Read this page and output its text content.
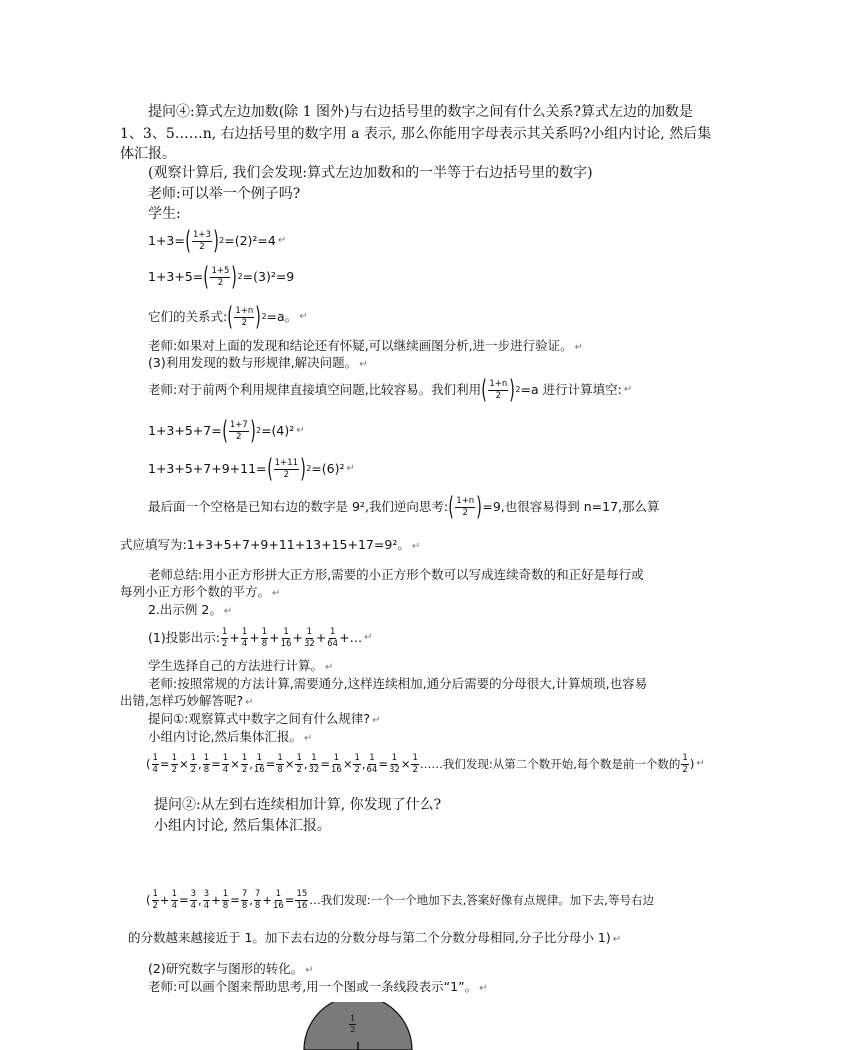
提问④:算式左边加数(除 1 图外)与右边括号里的数字之间有什么关系?算式左边的加数是
1、3、5……n, 右边括号里的数字用 a 表示, 那么你能用字母表示其关系吗?小组内讨论, 然后集
体汇报。
(观察计算后, 我们会发现:算式左边加数和的一半等于右边括号里的数字)
老师:可以举一个例子吗?
学生:
1+3= ( $\frac{1+3}{2}$ ) 2 =(2)²=4 ↵
1+3+5= ( $\frac{1+5}{2}$ ) 2 =(3)²=9
它们的关系式: ( $\frac{1+n}{2}$ ) 2 =a。 ↵
老师:如果对上面的发现和结论还有怀疑,可以继续画图分析,进一步进行验证。 ↵
(3)利用发现的数与形规律,解决问题。 ↵
老师:对于前两个利用规律直接填空问题,比较容易。我们利用 ( $\frac{1+n}{2}$ ) 2 =a 进行计算填空: ↵
1+3+5+7= ( $\frac{1+7}{2}$ ) 2 =(4)² ↵
1+3+5+7+9+11= ( $\frac{1+11}{2}$ ) 2 =(6)² ↵
最后面一个空格是已知右边的数字是 9²,我们逆向思考: ( $\frac{1+n}{2}$ ) =9,也很容易得到 n=17,那么算
式应填写为:1+3+5+7+9+11+13+15+17=9²。 ↵
老师总结:用小正方形拼大正方形,需要的小正方形个数可以写成连续奇数的和正好是每行或
每列小正方形个数的平方。 ↵
2.出示例 2。 ↵
(1)投影出示: $\frac{1}{2} + \frac{1}{4} + \frac{1}{8} + \frac{1}{16} + \frac{1}{32} + \frac{1}{64}$ +… ↵
学生选择自己的方法进行计算。 ↵
老师:按照常规的方法计算,需要通分,这样连续相加,通分后需要的分母很大,计算烦琐,也容易
出错,怎样巧妙解答呢? ↵
提问①:观察算式中数字之间有什么规律? ↵
小组内讨论,然后集体汇报。 ↵
( $\frac{1}{4} = \frac{1}{2} \times \frac{1}{2}$ , $\frac{1}{8} = \frac{1}{4} \times \frac{1}{2}$ , $\frac{1}{16} = \frac{1}{8} \times \frac{1}{2}$ , $\frac{1}{32} = \frac{1}{16} \times \frac{1}{2}$ , $\frac{1}{64} = \frac{1}{32} \times \frac{1}{2}$ ……我们发现:从第二个数开始,每个数是前一个数的 $\frac{1}{2}$ ) ↵
提问②:从左到右连续相加计算, 你发现了什么?
小组内讨论, 然后集体汇报。
( $\frac{1}{2} + \frac{1}{4} = \frac{3}{4}$ , $\frac{3}{4} + \frac{1}{8} = \frac{7}{8}$ , $\frac{7}{8} + \frac{1}{16} = \frac{15}{16}$ …我们发现:一个一个地加下去,答案好像有点规律。加下去,等号右边
的分数越来越接近于 1。加下去右边的分数分母与第二个分数分母相同,分子比分母小 1) ↵
(2)研究数字与图形的转化。 ↵
老师:可以画个图来帮助思考,用一个图或一条线段表示“1”。 ↵
$\frac{1}{2}$
